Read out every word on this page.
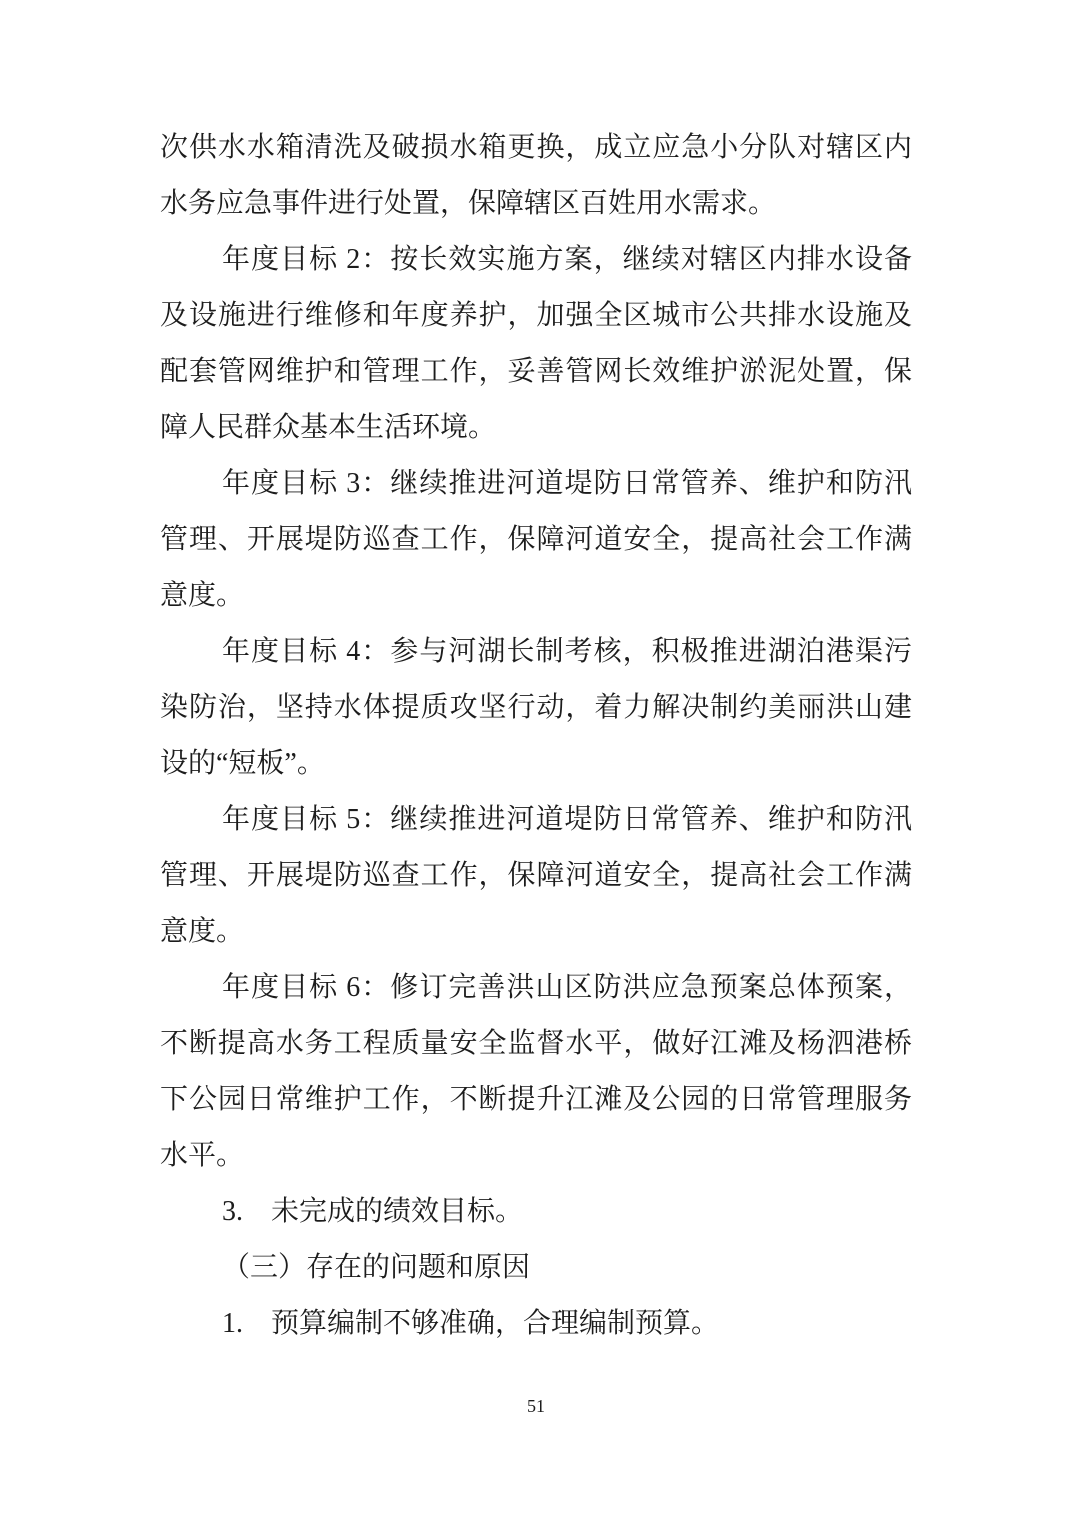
次供水水箱清洗及破损水箱更换，成立应急小分队对辖区内
水务应急事件进行处置，保障辖区百姓用水需求。
年度目标 2：按长效实施方案，继续对辖区内排水设备
及设施进行维修和年度养护，加强全区城市公共排水设施及
配套管网维护和管理工作，妥善管网长效维护淤泥处置，保
障人民群众基本生活环境。
年度目标 3：继续推进河道堤防日常管养、维护和防汛
管理、开展堤防巡查工作，保障河道安全，提高社会工作满
意度。
年度目标 4：参与河湖长制考核，积极推进湖泊港渠污
染防治，坚持水体提质攻坚行动，着力解决制约美丽洪山建
设的“短板”。
年度目标 5：继续推进河道堤防日常管养、维护和防汛
管理、开展堤防巡查工作，保障河道安全，提高社会工作满
意度。
年度目标 6：修订完善洪山区防洪应急预案总体预案，
不断提高水务工程质量安全监督水平，做好江滩及杨泗港桥
下公园日常维护工作，不断提升江滩及公园的日常管理服务
水平。
3.　未完成的绩效目标。
（三）存在的问题和原因
1.　预算编制不够准确，合理编制预算。
51
